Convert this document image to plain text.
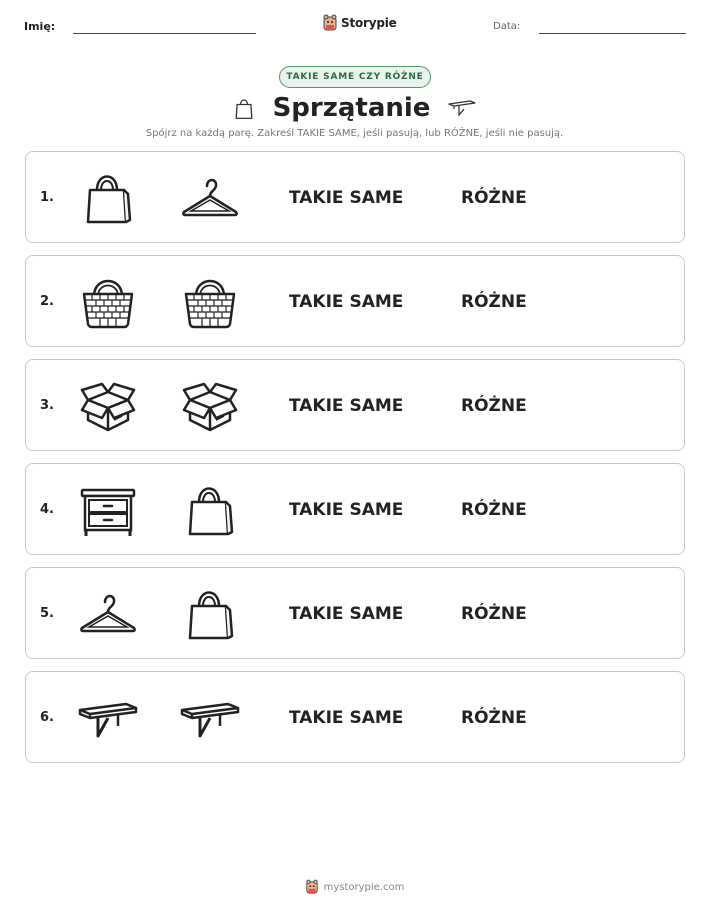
Imię:	Storypie	Data:
TAKIE SAME CZY RÓŻNE
Sprzątanie
Spójrz na każdą parę. Zakreśl TAKIE SAME, jeśli pasują, lub RÓŻNE, jeśli nie pasują.
1.	TAKIE SAME	RÓŻNE
2.	TAKIE SAME	RÓŻNE
3.	TAKIE SAME	RÓŻNE
4.	TAKIE SAME	RÓŻNE
5.	TAKIE SAME	RÓŻNE
6.	TAKIE SAME	RÓŻNE
mystorypie.com
